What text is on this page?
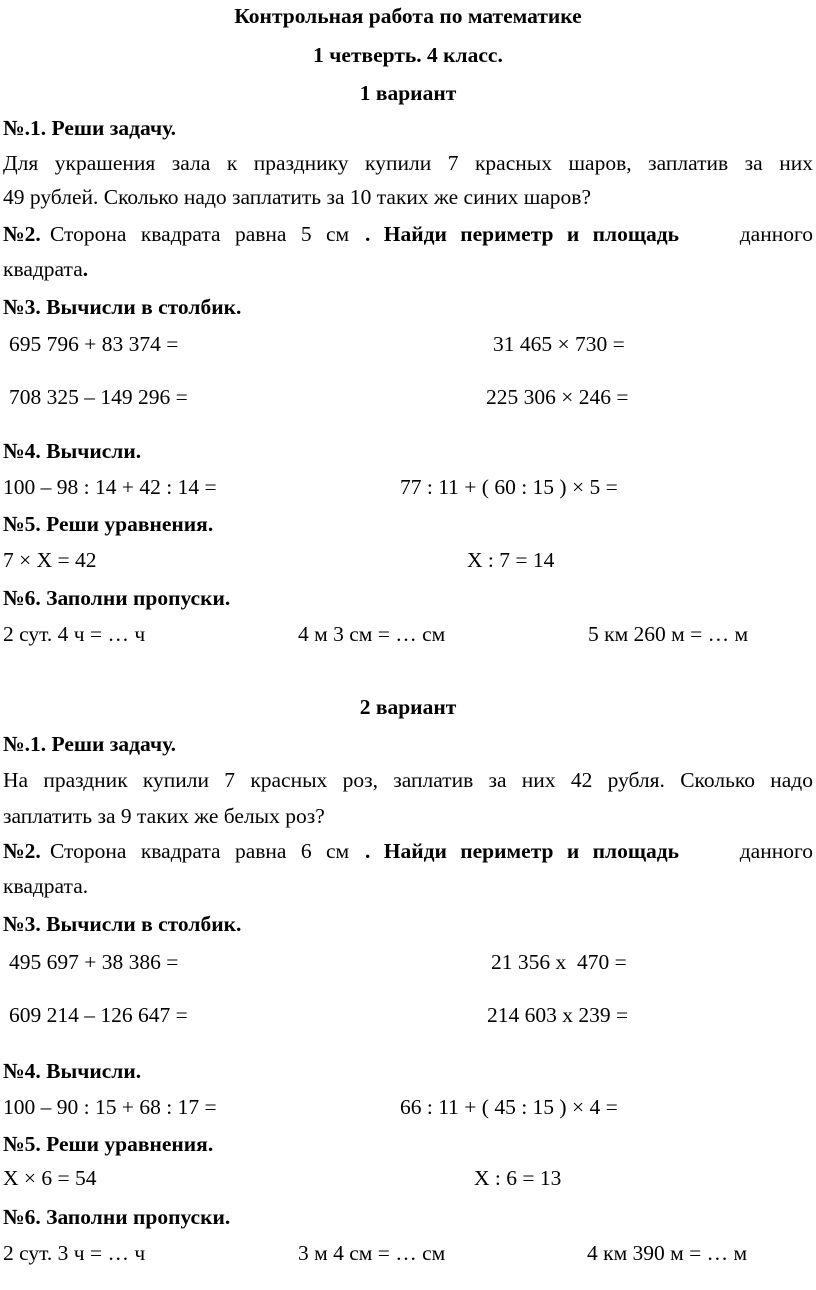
Контрольная работа по математике
1 четверть. 4 класс.
1 вариант
№.1. Реши задачу.
Для украшения зала к празднику купили 7 красных шаров, заплатив за них
49 рублей. Сколько надо заплатить за 10 таких же синих шаров?
№2. Сторона квадрата равна 5 см . Найди периметр и площадь	данного
квадрата.
№3. Вычисли в столбик.
695 796 + 83 374 =	31 465 × 730 =
708 325 – 149 296 =	225 306 × 246 =
№4. Вычисли.
100 – 98 : 14 + 42 : 14 =	77 : 11 + ( 60 : 15 ) × 5 =
№5. Реши уравнения.
7 × Х = 42	Х : 7 = 14
№6. Заполни пропуски.
2 сут. 4 ч = … ч	4 м 3 см = … см	5 км 260 м = … м
2 вариант
№.1. Реши задачу.
На праздник купили 7 красных роз, заплатив за них 42 рубля. Сколько надо
заплатить за 9 таких же белых роз?
№2. Сторона квадрата равна 6 см . Найди периметр и площадь	данного
квадрата.
№3. Вычисли в столбик.
495 697 + 38 386 =	21 356 х  470 =
609 214 – 126 647 =	214 603 х 239 =
№4. Вычисли.
100 – 90 : 15 + 68 : 17 =	66 : 11 + ( 45 : 15 ) × 4 =
№5. Реши уравнения.
Х × 6 = 54	Х : 6 = 13
№6. Заполни пропуски.
2 сут. 3 ч = … ч	3 м 4 см = … см	4 км 390 м = … м
